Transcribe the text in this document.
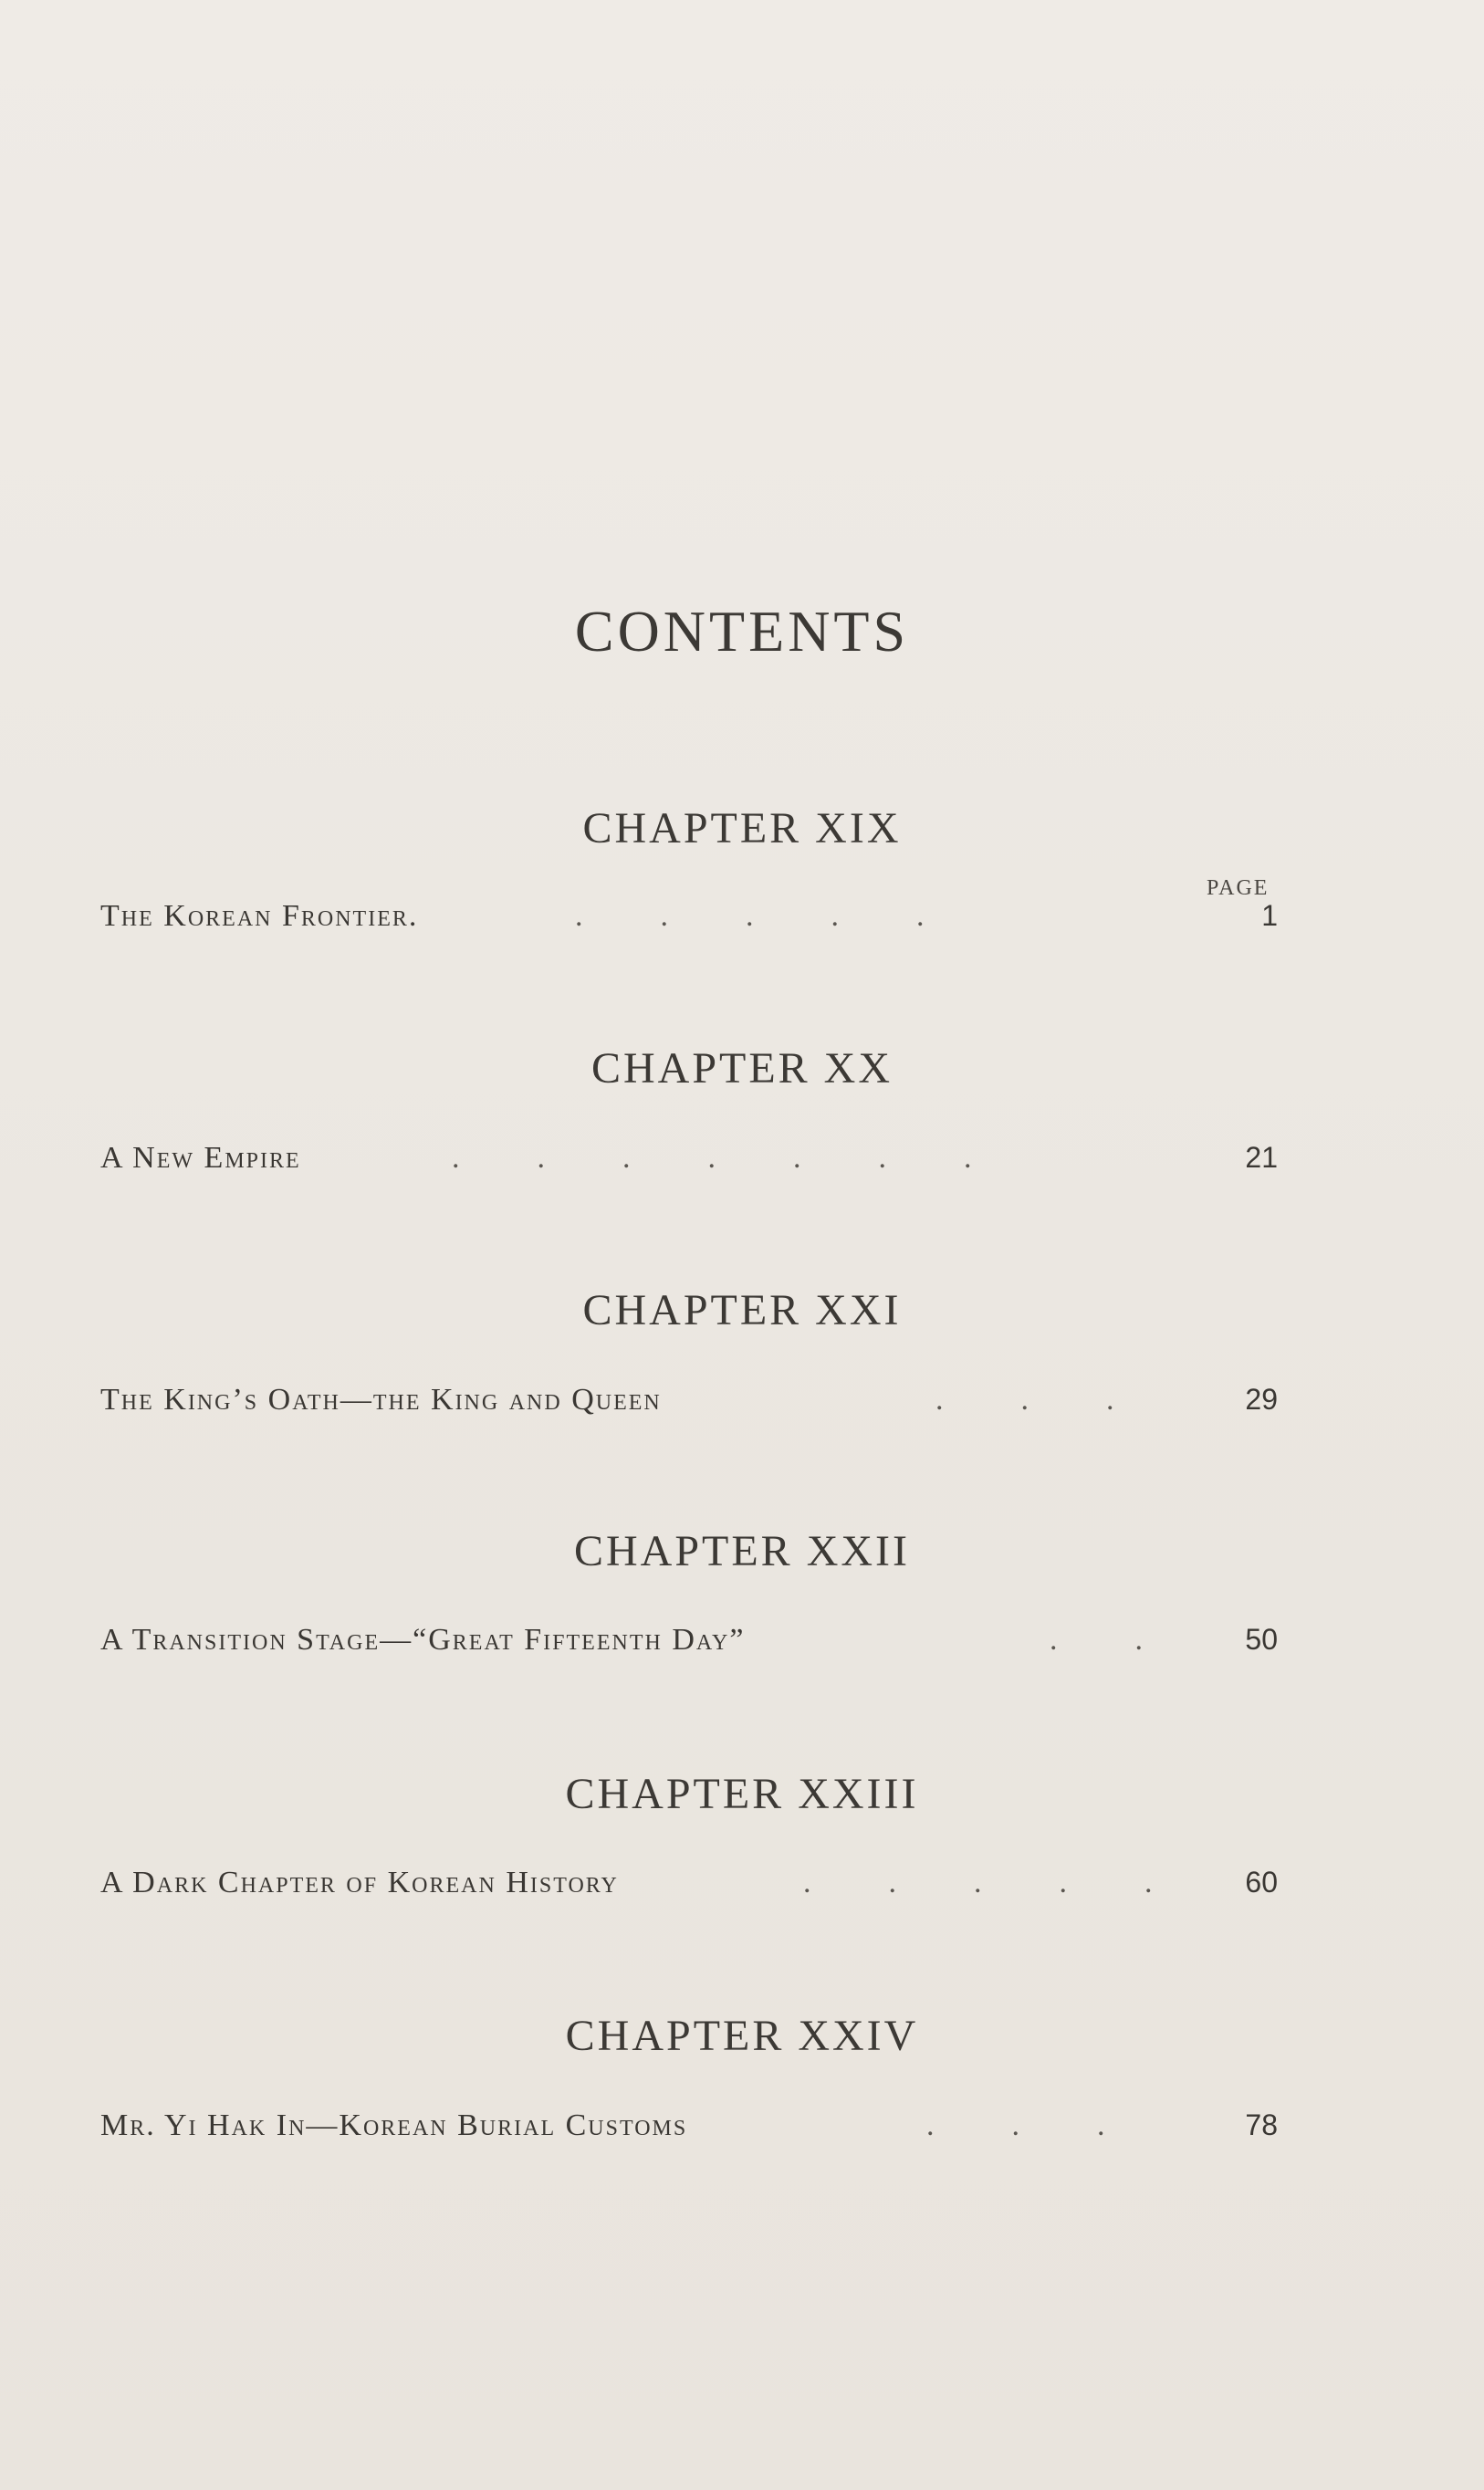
CONTENTS
PAGE
CHAPTER XIX
The Korean Frontier.	.          .          .          .          .	1
CHAPTER XX
A New Empire	.          .          .          .          .          .          .	21
CHAPTER XXI
The King’s Oath—the King and Queen	.          .          .	29
CHAPTER XXII
A Transition Stage—“Great Fifteenth Day”	.          .	50
CHAPTER XXIII
A Dark Chapter of Korean History	.          .          .          .          .	60
CHAPTER XXIV
Mr. Yi Hak In—Korean Burial Customs	.          .          .	78
